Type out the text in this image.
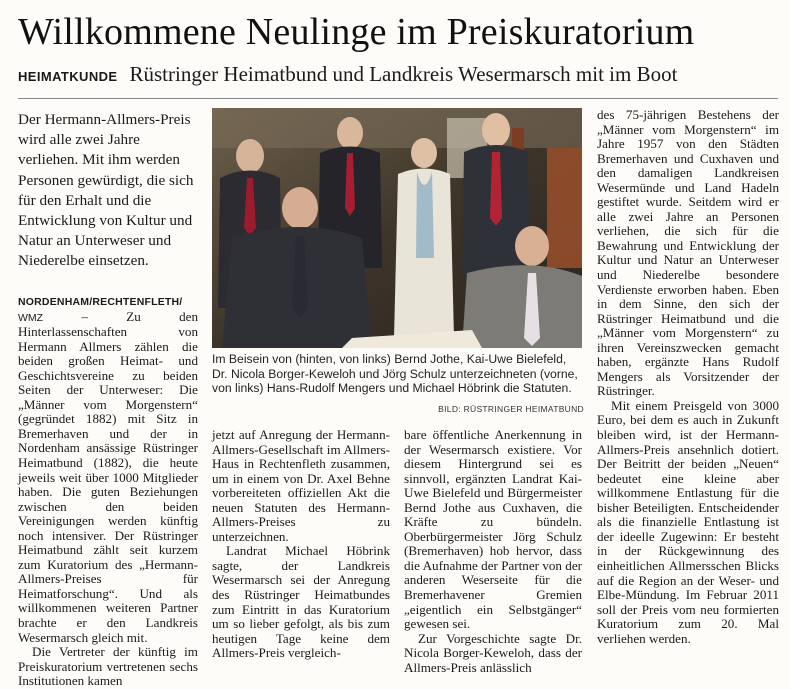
Willkommene Neulinge im Preiskuratorium
HEIMATKUNDE Rüstringer Heimatbund und Landkreis Wesermarsch mit im Boot
Der Hermann-Allmers-Preis wird alle zwei Jahre verliehen. Mit ihm werden Personen gewürdigt, die sich für den Erhalt und die Entwicklung von Kultur und Natur an Unterweser und Niederelbe einsetzen.

NORDENHAM/RECHTENFLETH/
WMZ – Zu den Hinterlassenschaften von Hermann Allmers zählen die beiden großen Heimat- und Geschichtsvereine zu beiden Seiten der Unterweser: Die „Männer vom Morgenstern“ (gegründet 1882) mit Sitz in Bremerhaven und der in Nordenham ansässige Rüstringer Heimatbund (1882), die heute jeweils weit über 1000 Mitglieder haben. Die guten Beziehungen zwischen den beiden Vereinigungen werden künftig noch intensiver. Der Rüstringer Heimatbund zählt seit kurzem zum Kuratorium des „Hermann-Allmers-Preises für Heimatforschung“. Und als willkommenen weiteren Partner brachte er den Landkreis Wesermarsch gleich mit.

Die Vertreter der künftig im Preiskuratorium vertretenen sechs Institutionen kamen

Im Beisein von (hinten, von links) Bernd Jothe, Kai-Uwe Bielefeld, Dr. Nicola Borger-Keweloh und Jörg Schulz unterzeichneten (vorne, von links) Hans-Rudolf Mengers und Michael Höbrink die Statuten.
BILD: RÜSTRINGER HEIMATBUND

jetzt auf Anregung der Hermann-Allmers-Gesellschaft im Allmers-Haus in Rechtenfleth zusammen, um in einem von Dr. Axel Behne vorbereiteten offiziellen Akt die neuen Statuten des Hermann-Allmers-Preises zu unterzeichnen.

Landrat Michael Höbrink sagte, der Landkreis Wesermarsch sei der Anregung des Rüstringer Heimatbundes zum Eintritt in das Kuratorium um so lieber gefolgt, als bis zum heutigen Tage keine dem Allmers-Preis vergleich-

bare öffentliche Anerkennung in der Wesermarsch existiere. Vor diesem Hintergrund sei es sinnvoll, ergänzten Landrat Kai-Uwe Bielefeld und Bürgermeister Bernd Jothe aus Cuxhaven, die Kräfte zu bündeln. Oberbürgermeister Jörg Schulz (Bremerhaven) hob hervor, dass die Aufnahme der Partner von der anderen Weserseite für die Bremerhavener Gremien „eigentlich ein Selbstgänger“ gewesen sei.

Zur Vorgeschichte sagte Dr. Nicola Borger-Keweloh, dass der Allmers-Preis anlässlich

des 75-jährigen Bestehens der „Männer vom Morgenstern“ im Jahre 1957 von den Städten Bremerhaven und Cuxhaven und den damaligen Landkreisen Wesermünde und Land Hadeln gestiftet wurde. Seitdem wird er alle zwei Jahre an Personen verliehen, die sich für die Bewahrung und Entwicklung der Kultur und Natur an Unterweser und Niederelbe besondere Verdienste erworben haben. Eben in dem Sinne, den sich der Rüstringer Heimatbund und die „Männer vom Morgenstern“ zu ihren Vereinszwecken gemacht haben, ergänzte Hans Rudolf Mengers als Vorsitzender der Rüstringer.

Mit einem Preisgeld von 3000 Euro, bei dem es auch in Zukunft bleiben wird, ist der Hermann-Allmers-Preis ansehnlich dotiert. Der Beitritt der beiden „Neuen“ bedeutet eine kleine aber willkommene Entlastung für die bisher Beteiligten. Entscheidender als die finanzielle Entlastung ist der ideelle Zugewinn: Er besteht in der Rückgewinnung des einheitlichen Allmersschen Blicks auf die Region an der Weser- und Elbe-Mündung. Im Februar 2011 soll der Preis vom neu formierten Kuratorium zum 20. Mal verliehen werden.
